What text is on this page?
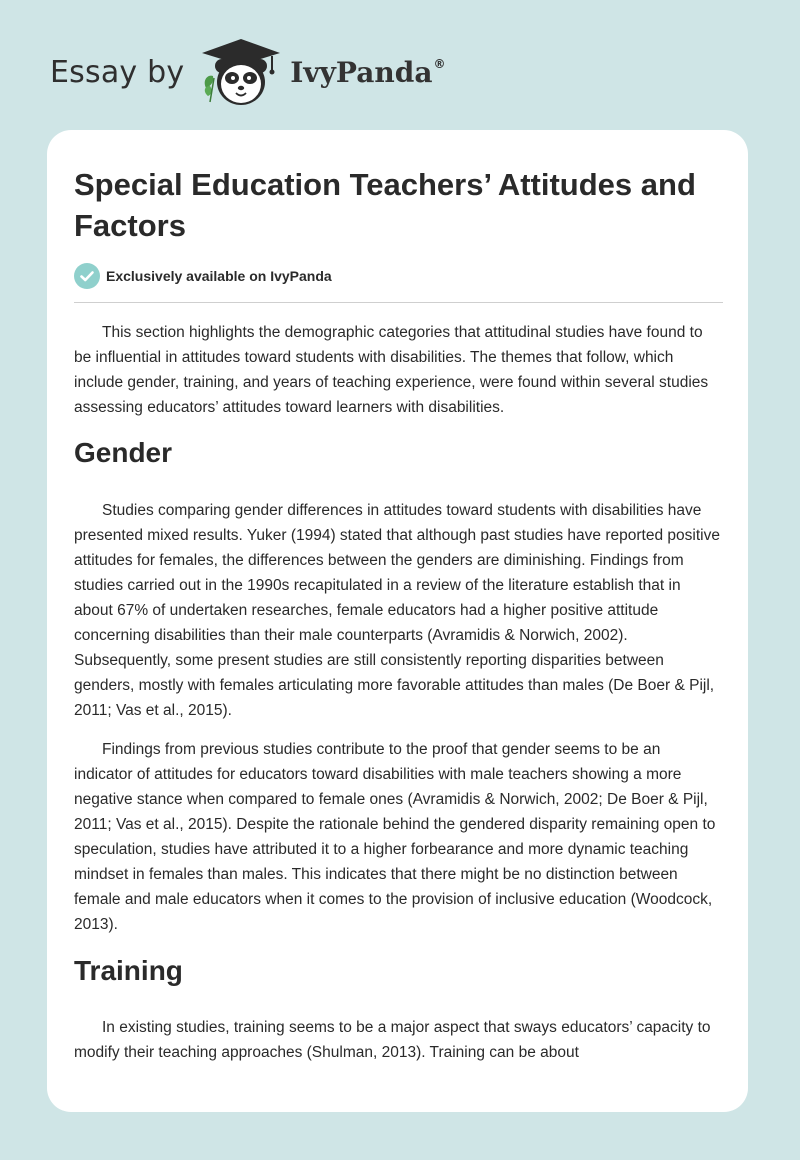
Essay by	IvyPanda®
Special Education Teachers’ Attitudes and Factors
Exclusively available on IvyPanda

This section highlights the demographic categories that attitudinal studies have found to be influential in attitudes toward students with disabilities. The themes that follow, which include gender, training, and years of teaching experience, were found within several studies assessing educators’ attitudes toward learners with disabilities.

Gender

Studies comparing gender differences in attitudes toward students with disabilities have presented mixed results. Yuker (1994) stated that although past studies have reported positive attitudes for females, the differences between the genders are diminishing. Findings from studies carried out in the 1990s recapitulated in a review of the literature establish that in about 67% of undertaken researches, female educators had a higher positive attitude concerning disabilities than their male counterparts (Avramidis & Norwich, 2002). Subsequently, some present studies are still consistently reporting disparities between genders, mostly with females articulating more favorable attitudes than males (De Boer & Pijl, 2011; Vas et al., 2015).

Findings from previous studies contribute to the proof that gender seems to be an indicator of attitudes for educators toward disabilities with male teachers showing a more negative stance when compared to female ones (Avramidis & Norwich, 2002; De Boer & Pijl, 2011; Vas et al., 2015). Despite the rationale behind the gendered disparity remaining open to speculation, studies have attributed it to a higher forbearance and more dynamic teaching mindset in females than males. This indicates that there might be no distinction between female and male educators when it comes to the provision of inclusive education (Woodcock, 2013).

Training

In existing studies, training seems to be a major aspect that sways educators’ capacity to modify their teaching approaches (Shulman, 2013). Training can be about
